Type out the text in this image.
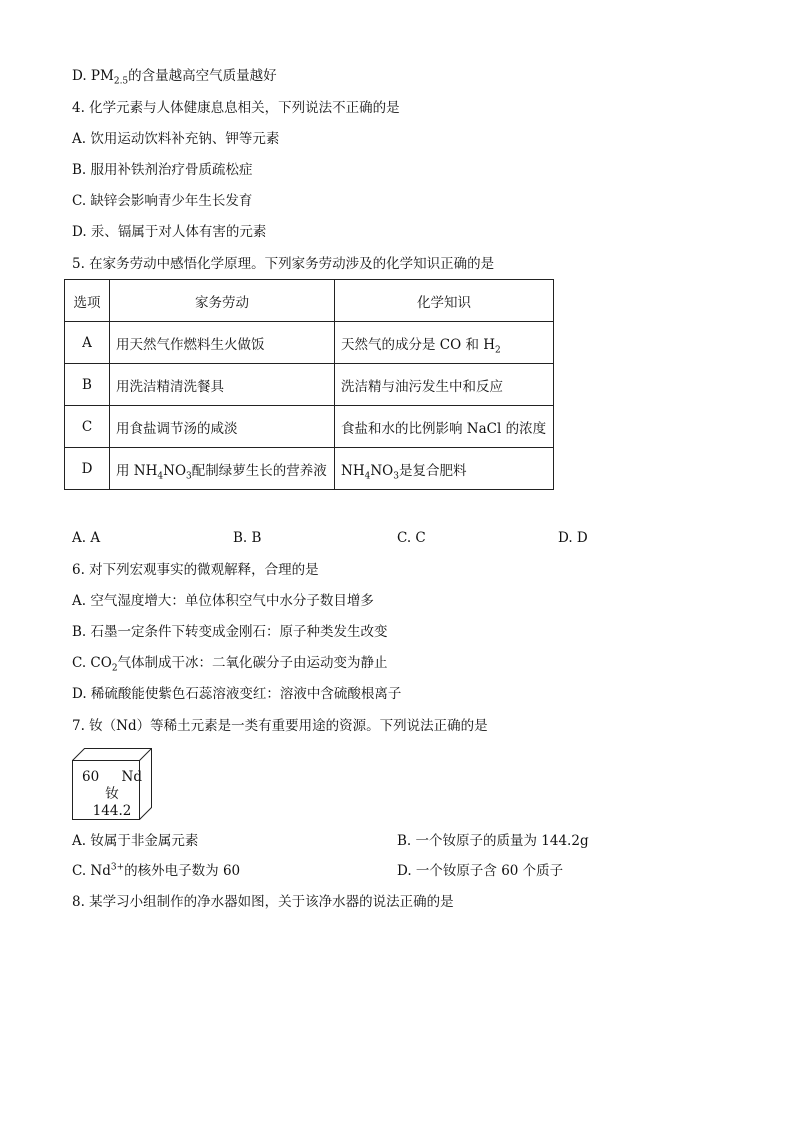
D. $PM_{2.5}$的含量越高空气质量越好
4. 化学元素与人体健康息息相关，下列说法不正确的是
A. 饮用运动饮料补充钠、钾等元素
B. 服用补铁剂治疗骨质疏松症
C. 缺锌会影响青少年生长发育
D. 汞、镉属于对人体有害的元素
5. 在家务劳动中感悟化学原理。下列家务劳动涉及的化学知识正确的是
选项	家务劳动	化学知识
A	用天然气作燃料生火做饭	天然气的成分是 CO 和 $H_2$
B	用洗洁精清洗餐具	洗洁精与油污发生中和反应
C	用食盐调节汤的咸淡	食盐和水的比例影响 NaCl 的浓度
D	用 $NH_4NO_3$配制绿萝生长的营养液	$NH_4NO_3$是复合肥料
A. A	B. B	C. C	D. D
6. 对下列宏观事实的微观解释，合理的是
A. 空气湿度增大：单位体积空气中水分子数目增多
B. 石墨一定条件下转变成金刚石：原子种类发生改变
C. $CO_2$气体制成干冰：二氧化碳分子由运动变为静止
D. 稀硫酸能使紫色石蕊溶液变红：溶液中含硫酸根离子
7. 钕（Nd）等稀土元素是一类有重要用途的资源。下列说法正确的是
60 Nd
钕
144.2
A. 钕属于非金属元素	B. 一个钕原子的质量为 144.2g
C. $Nd^{3+}$的核外电子数为 60	D. 一个钕原子含 60 个质子
8. 某学习小组制作的净水器如图，关于该净水器的说法正确的是
